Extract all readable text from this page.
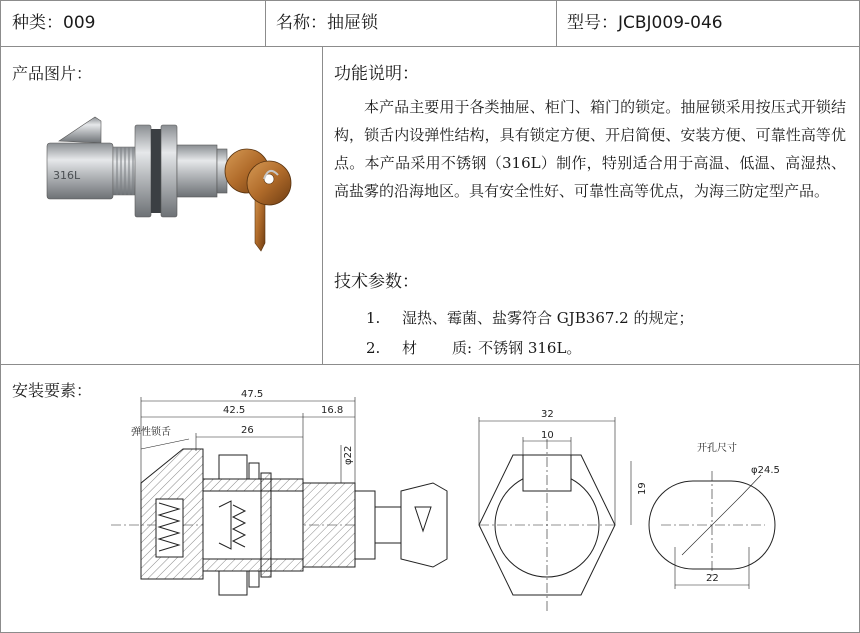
种类：009	名称：抽屉锁	型号：JCBJ009-046
产品图片：
316L
功能说明：

本产品主要用于各类抽屉、柜门、箱门的锁定。抽屉锁采用按压式开锁结构，锁舌内设弹性结构，具有锁定方便、开启简便、安装方便、可靠性高等优点。本产品采用不锈钢（316L）制作，特别适合用于高温、低温、高湿热、高盐雾的沿海地区。具有安全性好、可靠性高等优点，为海三防定型产品。

技术参数：
1. 湿热、霉菌、盐雾符合 GJB367.2 的规定；
2. 材 质: 不锈钢 316L。
安装要素：	47.5
42.5	16.8
弹性锁舌	26
φ22
32
10
19
开孔尺寸
φ24.5
22
